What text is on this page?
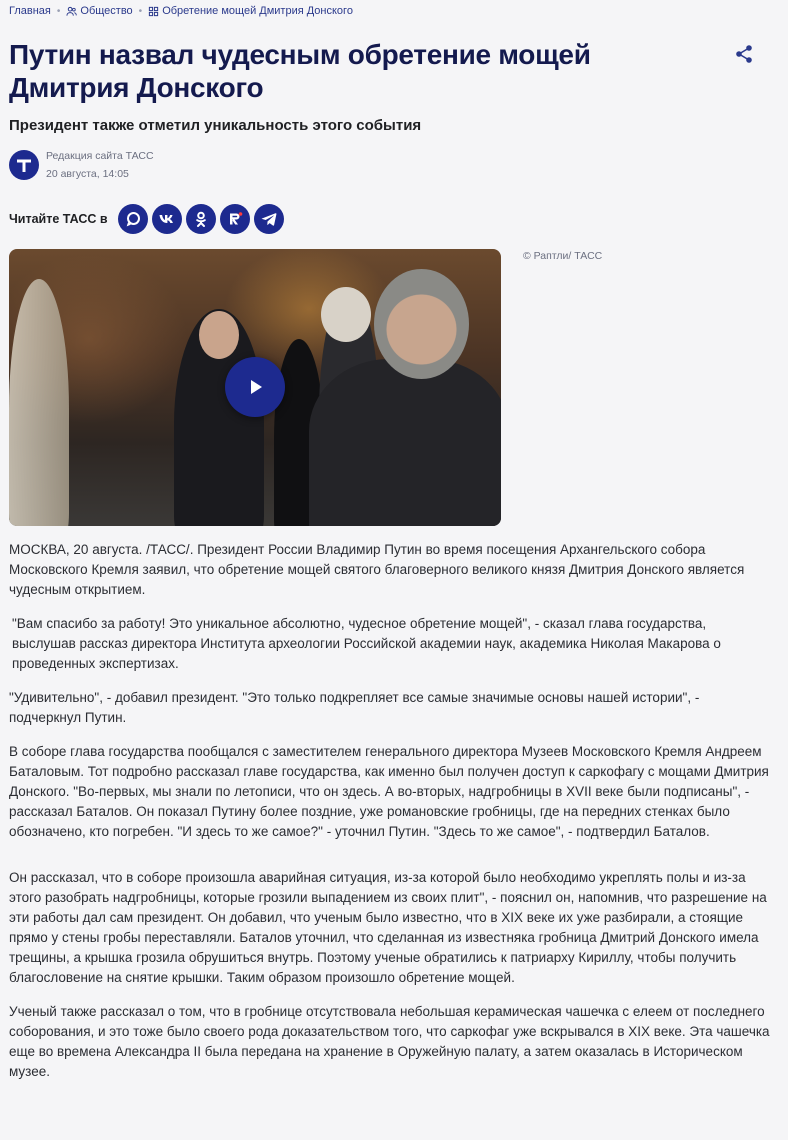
Главная • Общество • Обретение мощей Дмитрия Донского
Путин назвал чудесным обретение мощей Дмитрия Донского
Президент также отметил уникальность этого события
Редакция сайта ТАСС
20 августа, 14:05
Читайте ТАСС в
© Раптли/ ТАСС

МОСКВА, 20 августа. /ТАСС/. Президент России Владимир Путин во время посещения Архангельского собора Московского Кремля заявил, что обретение мощей святого благоверного великого князя Дмитрия Донского является чудесным открытием.

"Вам спасибо за работу! Это уникальное абсолютно, чудесное обретение мощей", - сказал глава государства, выслушав рассказ директора Института археологии Российской академии наук, академика Николая Макарова о проведенных экспертизах.

"Удивительно", - добавил президент. "Это только подкрепляет все самые значимые основы нашей истории", - подчеркнул Путин.

В соборе глава государства пообщался с заместителем генерального директора Музеев Московского Кремля Андреем Баталовым. Тот подробно рассказал главе государства, как именно был получен доступ к саркофагу с мощами Дмитрия Донского. "Во-первых, мы знали по летописи, что он здесь. А во-вторых, надгробницы в XVII веке были подписаны", - рассказал Баталов. Он показал Путину более поздние, уже романовские гробницы, где на передних стенках было обозначено, кто погребен. "И здесь то же самое?" - уточнил Путин. "Здесь то же самое", - подтвердил Баталов.

Он рассказал, что в соборе произошла аварийная ситуация, из-за которой было необходимо укреплять полы и из-за этого разобрать надгробницы, которые грозили выпадением из своих плит", - пояснил он, напомнив, что разрешение на эти работы дал сам президент. Он добавил, что ученым было известно, что в XIX веке их уже разбирали, а стоящие прямо у стены гробы переставляли. Баталов уточнил, что сделанная из известняка гробница Дмитрий Донского имела трещины, а крышка грозила обрушиться внутрь. Поэтому ученые обратились к патриарху Кириллу, чтобы получить благословение на снятие крышки. Таким образом произошло обретение мощей.

Ученый также рассказал о том, что в гробнице отсутствовала небольшая керамическая чашечка с елеем от последнего соборования, и это тоже было своего рода доказательством того, что саркофаг уже вскрывался в XIX веке. Эта чашечка еще во времена Александра II была передана на хранение в Оружейную палату, а затем оказалась в Историческом музее.
